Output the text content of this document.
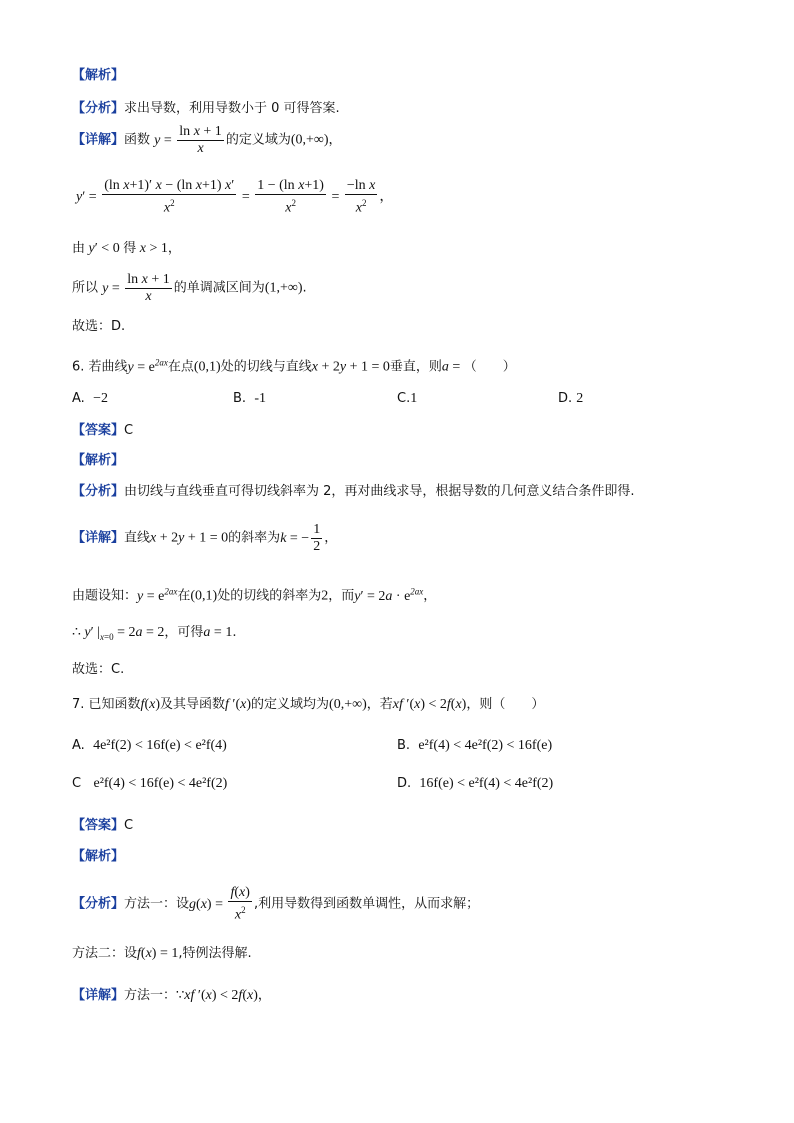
【解析】
【分析】求出导数，利用导数小于 0 可得答案.
【详解】函数 $y = \frac{\text{ln x + 1}}{x}$ 的定义域为(0,+∞)，
$y' = \frac{\text{(ln x+1)′ x − (ln x+1) x′}}{x^2} = \frac{\text{1 − (ln x+1)}}{x^2} = \frac{\text{−ln x}}{x^2}$ ，
由 y′ < 0 得 x > 1，
所以 $y = \frac{\text{ln x + 1}}{x}$ 的单调减区间为(1,+∞).
故选：D.
6. 若曲线$y = e^{2ax}$在点(0,1)处的切线与直线x + 2y + 1 = 0垂直，则a = （　　）
A. −2	B. -1	C.1	D. 2
【答案】C
【解析】
【分析】由切线与直线垂直可得切线斜率为 2，再对曲线求导，根据导数的几何意义结合条件即得.
【详解】直线x + 2y + 1 = 0的斜率为k = − $\frac{1}{2}$ ，
由题设知：$y = e^{2ax}$在(0,1)处的切线的斜率为2，而$y' = 2a \cdot e^{2ax}$，
∴ y′ $|_{x=0} = 2a = 2$，可得a = 1.
故选：C.
7. 已知函数f(x)及其导函数f ′(x)的定义域均为(0,+∞)，若xf ′(x) < 2f(x)，则（　　）
A. 4e²f(2) < 16f(e) < e²f(4)	B. e²f(4) < 4e²f(2) < 16f(e)
C e²f(4) < 16f(e) < 4e²f(2)	D. 16f(e) < e²f(4) < 4e²f(2)
【答案】C
【解析】
【分析】方法一：设$g(x) = \frac{f(x)}{x^2}$ ,利用导数得到函数单调性，从而求解；
方法二：设f(x) = 1,特例法得解.
【详解】方法一：∵xf ′(x) < 2f(x)，
